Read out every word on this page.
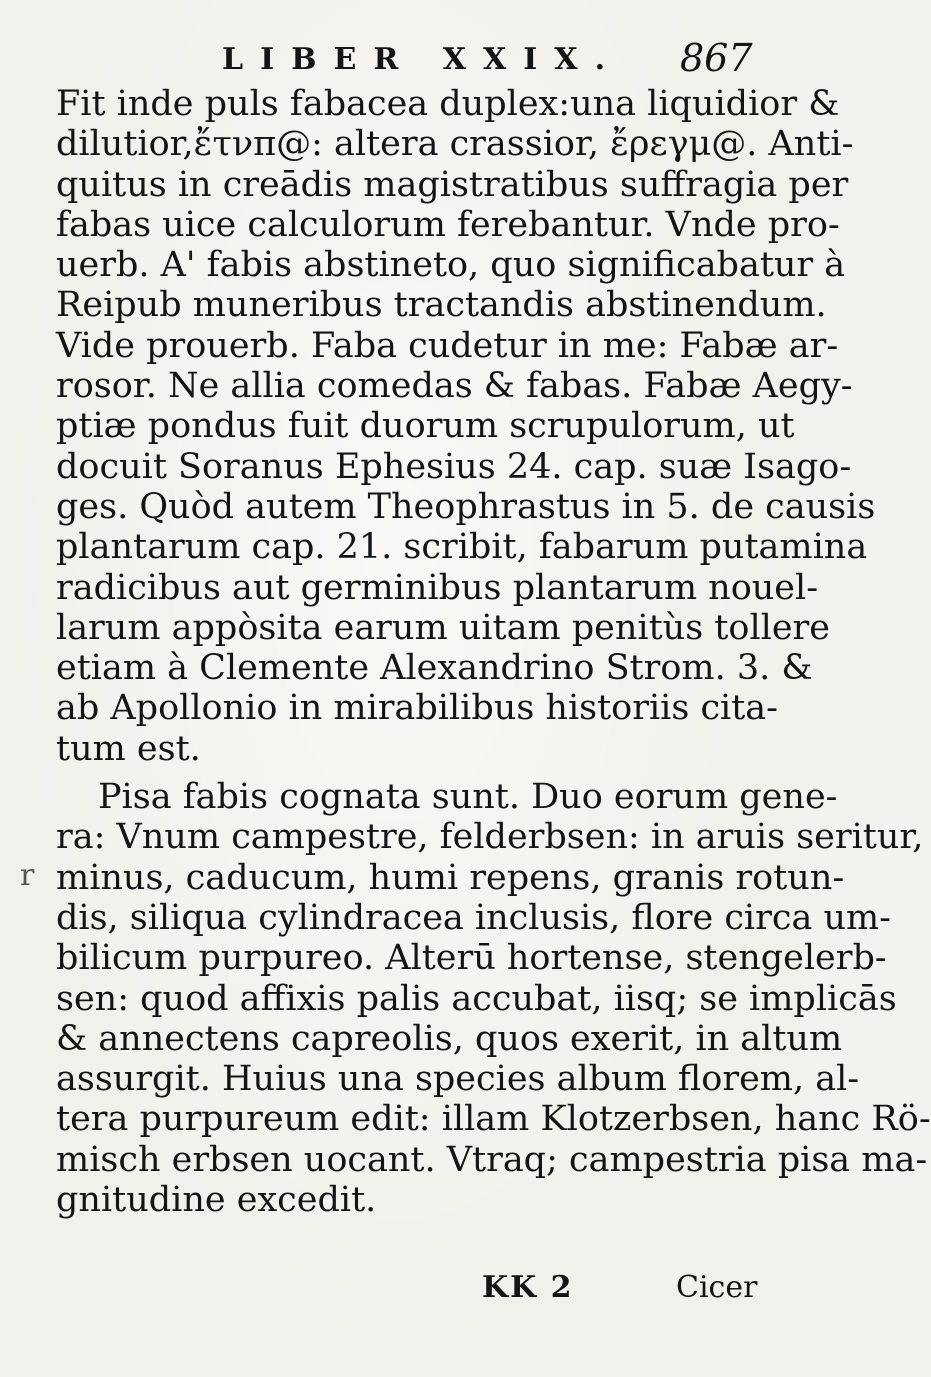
LIBER XXIX. 867
r
Fit inde puls fabacea duplex:una liquidior &
dilutior,ἔτνπ@: altera crassior, ἔρεγμ@. Anti-
quitus in creādis magistratibus suffragia per
fabas uice calculorum ferebantur. Vnde pro-
uerb. A' fabis abstineto, quo significabatur à
Reipub muneribus tractandis abstinendum.
Vide prouerb. Faba cudetur in me: Fabæ ar-
rosor. Ne allia comedas & fabas. Fabæ Aegy-
ptiæ pondus fuit duorum scrupulorum, ut
docuit Soranus Ephesius 24. cap. suæ Isago-
ges. Quòd autem Theophrastus in 5. de causis
plantarum cap. 21. scribit, fabarum putamina
radicibus aut germinibus plantarum nouel-
larum appòsita earum uitam penitùs tollere
etiam à Clemente Alexandrino Strom. 3. &
ab Apollonio in mirabilibus historiis cita-
tum est.
Pisa fabis cognata sunt. Duo eorum gene-
ra: Vnum campestre, felderbsen: in aruis seritur,
minus, caducum, humi repens, granis rotun-
dis, siliqua cylindracea inclusis, flore circa um-
bilicum purpureo. Alterū hortense, stengelerb-
sen: quod affixis palis accubat, iisq; se implicās
& annectens capreolis, quos exerit, in altum
assurgit. Huius una species album florem, al-
tera purpureum edit: illam Klotzerbsen, hanc Rö-
misch erbsen uocant. Vtraq; campestria pisa ma-
gnitudine excedit.
KK 2	Cicer
